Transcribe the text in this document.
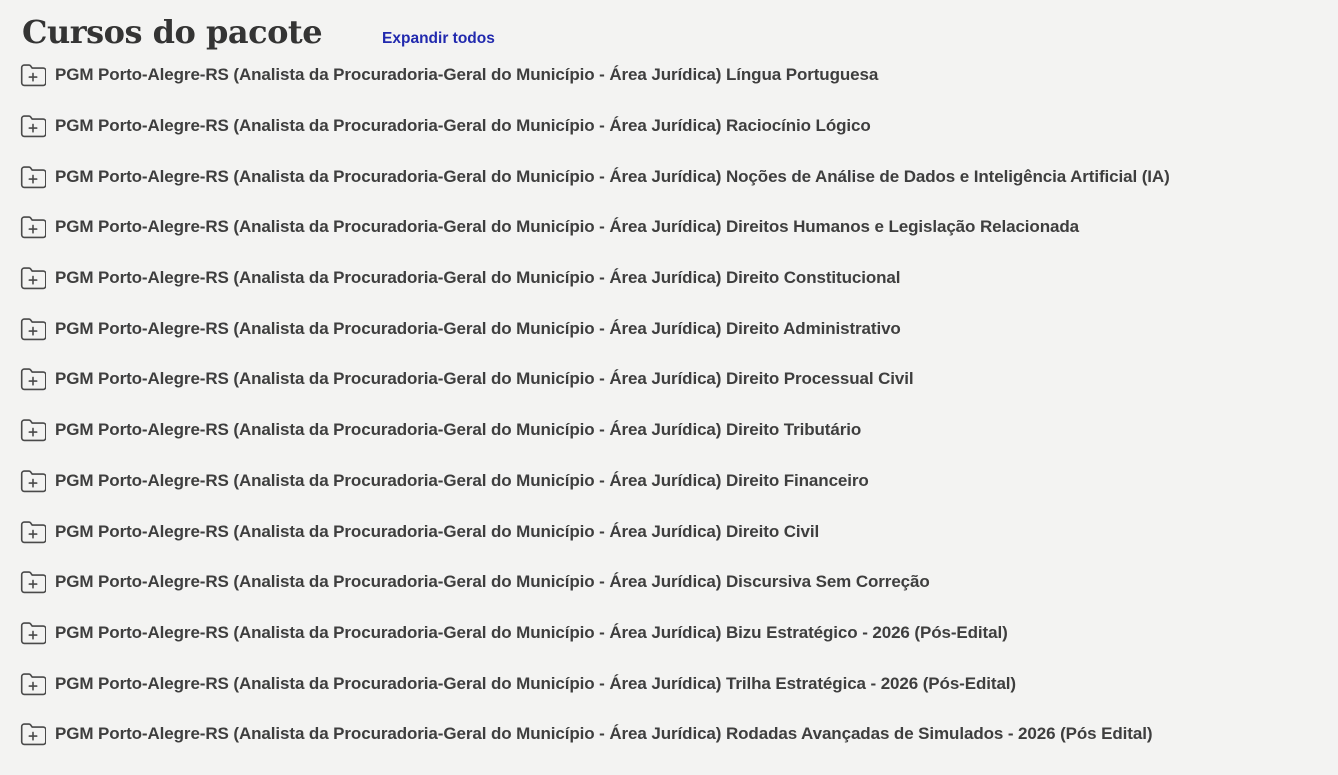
Cursos do pacote	Expandir todos
PGM Porto-Alegre-RS (Analista da Procuradoria-Geral do Município - Área Jurídica) Língua Portuguesa
PGM Porto-Alegre-RS (Analista da Procuradoria-Geral do Município - Área Jurídica) Raciocínio Lógico
PGM Porto-Alegre-RS (Analista da Procuradoria-Geral do Município - Área Jurídica) Noções de Análise de Dados e Inteligência Artificial (IA)
PGM Porto-Alegre-RS (Analista da Procuradoria-Geral do Município - Área Jurídica) Direitos Humanos e Legislação Relacionada
PGM Porto-Alegre-RS (Analista da Procuradoria-Geral do Município - Área Jurídica) Direito Constitucional
PGM Porto-Alegre-RS (Analista da Procuradoria-Geral do Município - Área Jurídica) Direito Administrativo
PGM Porto-Alegre-RS (Analista da Procuradoria-Geral do Município - Área Jurídica) Direito Processual Civil
PGM Porto-Alegre-RS (Analista da Procuradoria-Geral do Município - Área Jurídica) Direito Tributário
PGM Porto-Alegre-RS (Analista da Procuradoria-Geral do Município - Área Jurídica) Direito Financeiro
PGM Porto-Alegre-RS (Analista da Procuradoria-Geral do Município - Área Jurídica) Direito Civil
PGM Porto-Alegre-RS (Analista da Procuradoria-Geral do Município - Área Jurídica) Discursiva Sem Correção
PGM Porto-Alegre-RS (Analista da Procuradoria-Geral do Município - Área Jurídica) Bizu Estratégico - 2026 (Pós-Edital)
PGM Porto-Alegre-RS (Analista da Procuradoria-Geral do Município - Área Jurídica) Trilha Estratégica - 2026 (Pós-Edital)
PGM Porto-Alegre-RS (Analista da Procuradoria-Geral do Município - Área Jurídica) Rodadas Avançadas de Simulados - 2026 (Pós Edital)
